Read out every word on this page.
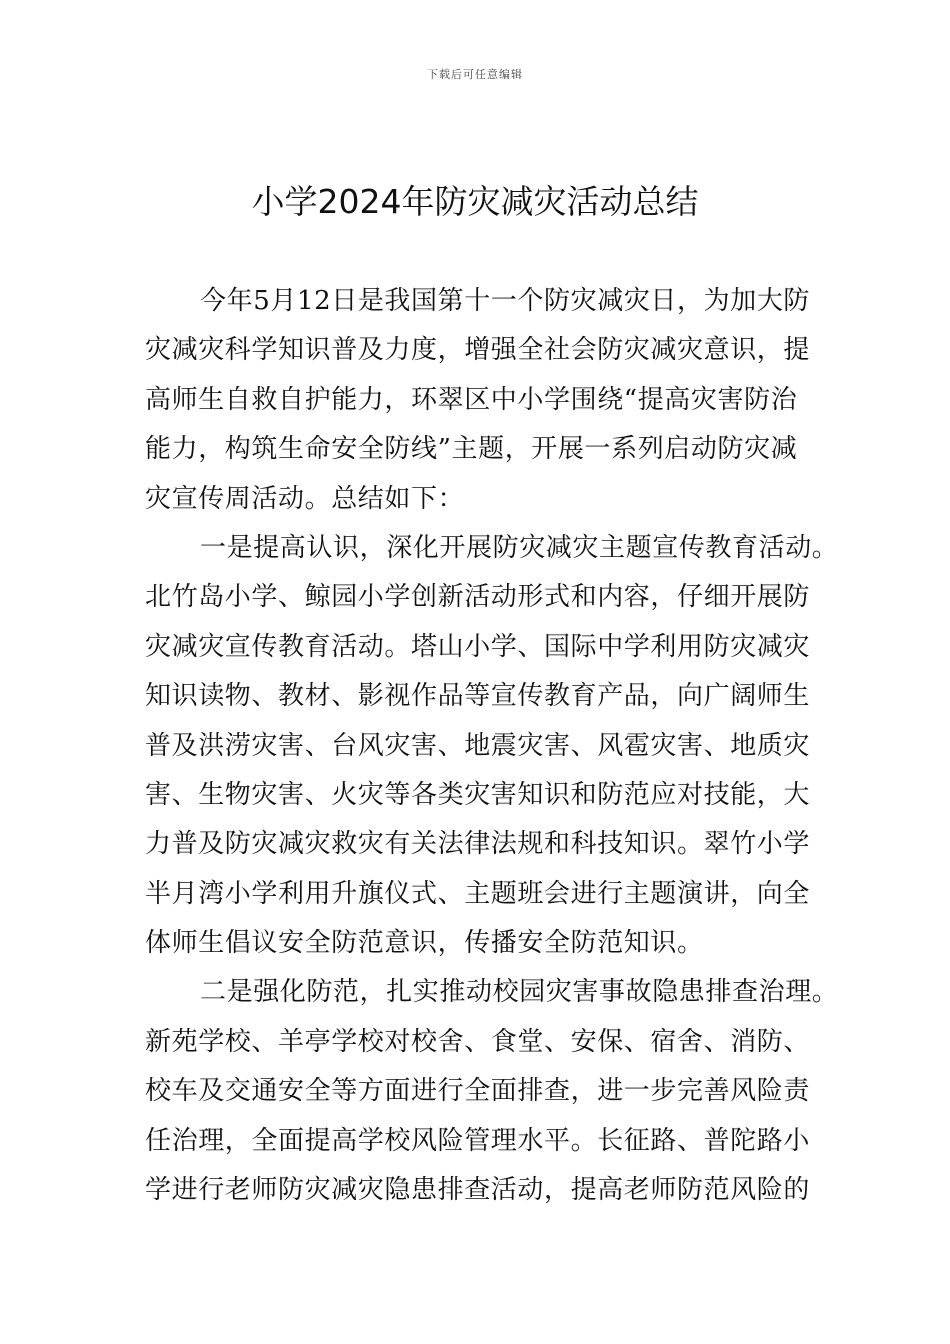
下载后可任意编辑
小学2024年防灾减灾活动总结
今年5月12日是我国第十一个防灾减灾日，为加大防
灾减灾科学知识普及力度，增强全社会防灾减灾意识，提
高师生自救自护能力，环翠区中小学围绕“提高灾害防治
能力，构筑生命安全防线”主题，开展一系列启动防灾减
灾宣传周活动。总结如下：
一是提高认识，深化开展防灾减灾主题宣传教育活动。
北竹岛小学、鲸园小学创新活动形式和内容，仔细开展防
灾减灾宣传教育活动。塔山小学、国际中学利用防灾减灾
知识读物、教材、影视作品等宣传教育产品，向广阔师生
普及洪涝灾害、台风灾害、地震灾害、风雹灾害、地质灾
害、生物灾害、火灾等各类灾害知识和防范应对技能，大
力普及防灾减灾救灾有关法律法规和科技知识。翠竹小学
半月湾小学利用升旗仪式、主题班会进行主题演讲，向全
体师生倡议安全防范意识，传播安全防范知识。
二是强化防范，扎实推动校园灾害事故隐患排查治理。
新苑学校、羊亭学校对校舍、食堂、安保、宿舍、消防、
校车及交通安全等方面进行全面排查，进一步完善风险责
任治理，全面提高学校风险管理水平。长征路、普陀路小
学进行老师防灾减灾隐患排查活动，提高老师防范风险的
